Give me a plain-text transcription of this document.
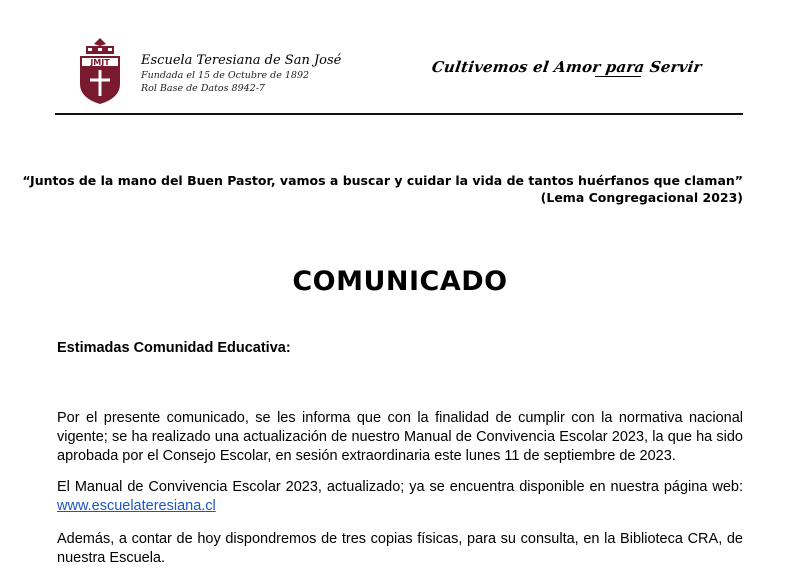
JMJT Escuela Teresiana de San José
Fundada el 15 de Octubre de 1892
Rol Base de Datos 8942-7
Cultivemos el Amor para Servir
“Juntos de la mano del Buen Pastor, vamos a buscar y cuidar la vida de tantos huérfanos que claman”
(Lema Congregacional 2023)
COMUNICADO
Estimadas Comunidad Educativa:
Por el presente comunicado, se les informa que con la finalidad de cumplir con la normativa nacional vigente; se ha realizado una actualización de nuestro Manual de Convivencia Escolar 2023, la que ha sido aprobada por el Consejo Escolar, en sesión extraordinaria este lunes 11 de septiembre de 2023.
El Manual de Convivencia Escolar 2023, actualizado; ya se encuentra disponible en nuestra página web: www.escuelateresiana.cl
Además, a contar de hoy dispondremos de tres copias físicas, para su consulta, en la Biblioteca CRA, de nuestra Escuela.
